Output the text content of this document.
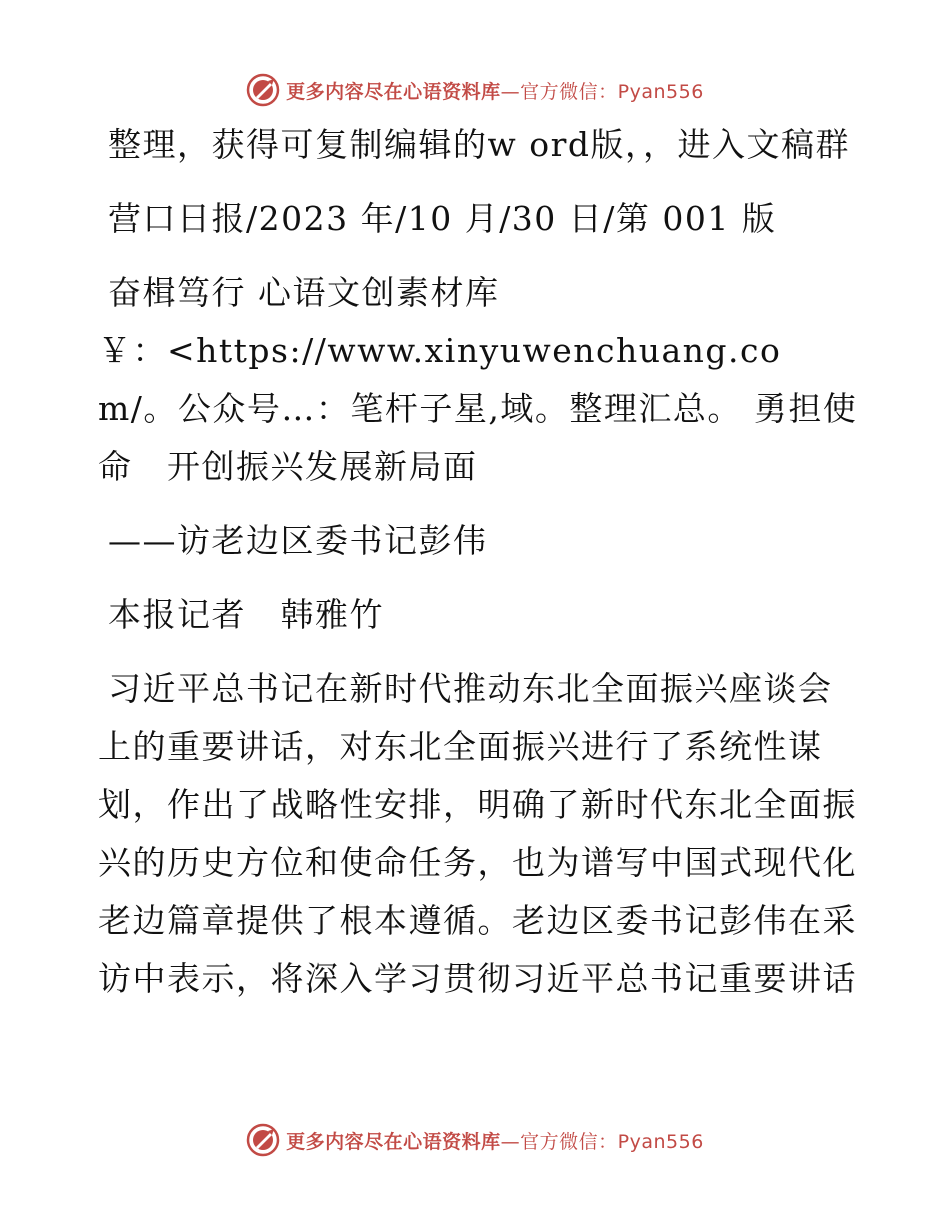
更多内容尽在心语资料库—官方微信：Pyan556

整理，获得可复制编辑的w ord版，，进入文稿群

营口日报/2023 年/10 月/30 日/第 001 版

奋楫笃行 心语文创素材库

￥：<https://www.xinyuwenchuang.com/。公众号…：笔杆子星,域。整理汇总。 勇担使命　开创振兴发展新局面

——访老边区委书记彭伟

本报记者　韩雅竹

习近平总书记在新时代推动东北全面振兴座谈会上的重要讲话，对东北全面振兴进行了系统性谋划，作出了战略性安排，明确了新时代东北全面振兴的历史方位和使命任务，也为谱写中国式现代化老边篇章提供了根本遵循。老边区委书记彭伟在采访中表示，将深入学习贯彻习近平总书记重要讲话

更多内容尽在心语资料库—官方微信：Pyan556
